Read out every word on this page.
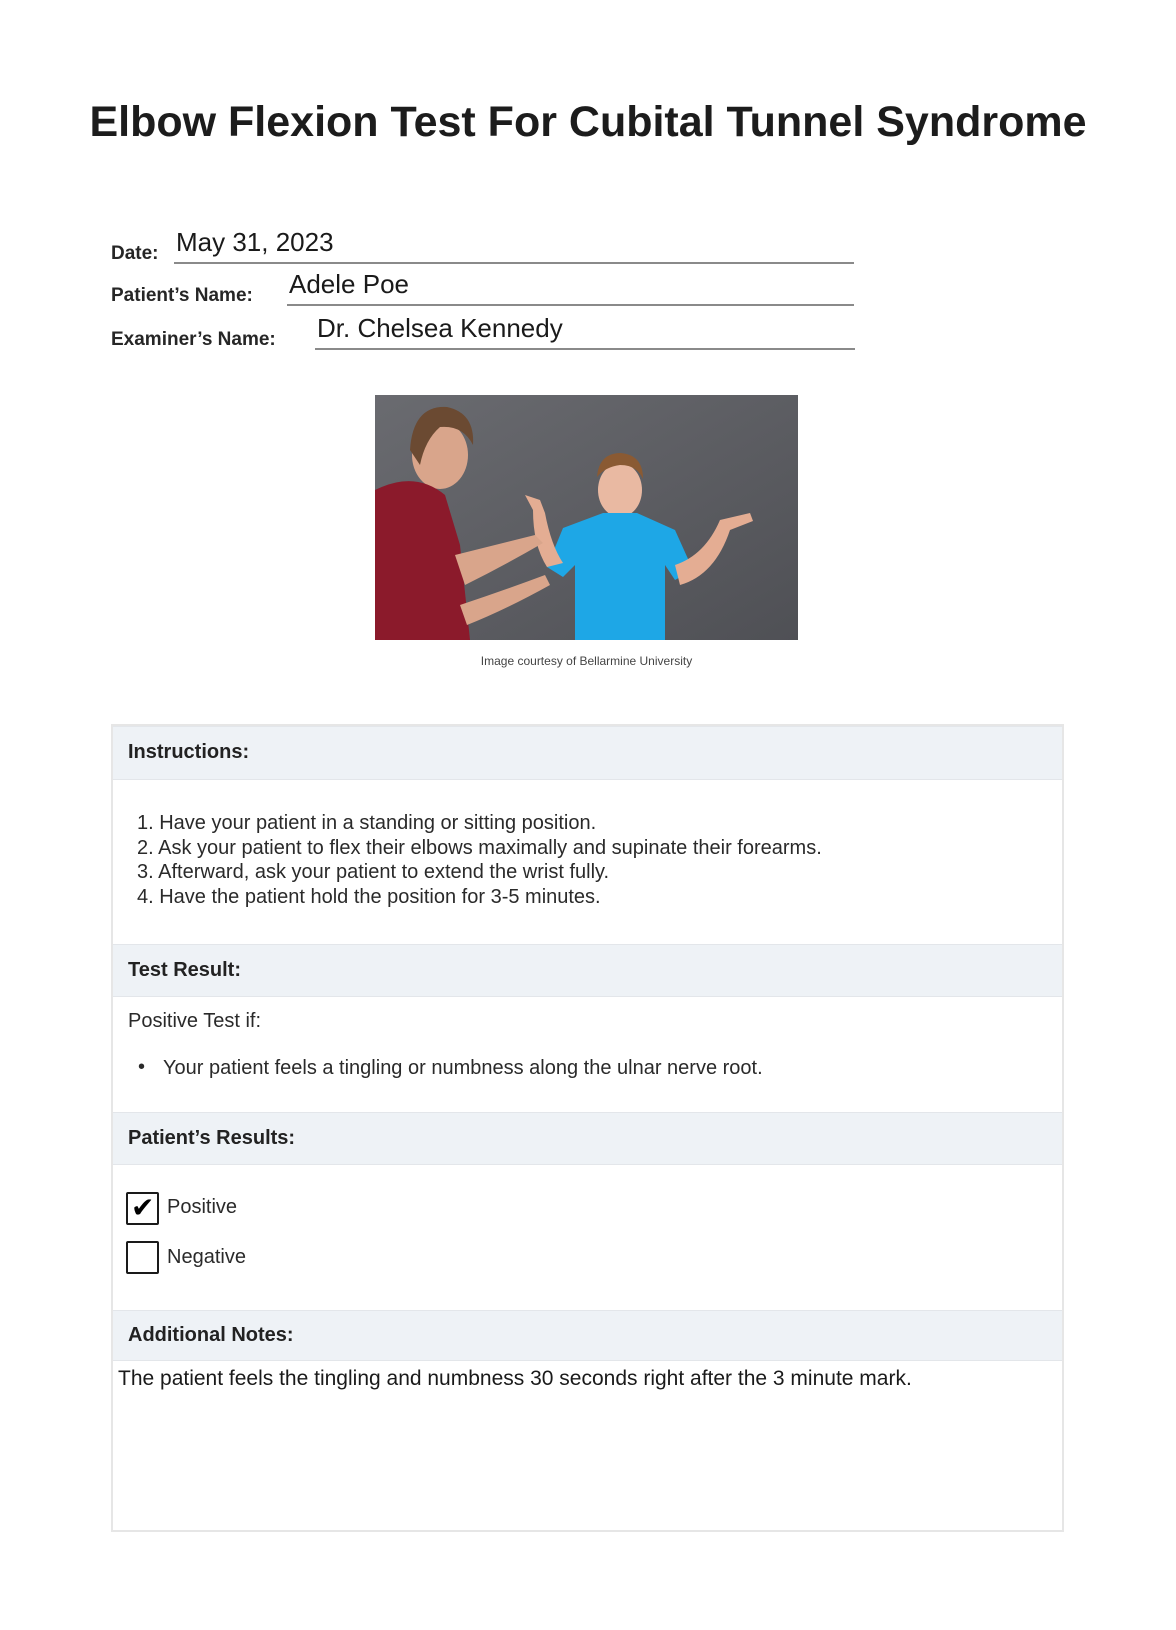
Elbow Flexion Test For Cubital Tunnel Syndrome
Date: May 31, 2023
Patient’s Name: Adele Poe
Examiner’s Name: Dr. Chelsea Kennedy
Image courtesy of Bellarmine University
Instructions:
1. Have your patient in a standing or sitting position.
2. Ask your patient to flex their elbows maximally and supinate their forearms.
3. Afterward, ask your patient to extend the wrist fully.
4. Have the patient hold the position for 3-5 minutes.
Test Result:
Positive Test if:
• Your patient feels a tingling or numbness along the ulnar nerve root.
Patient’s Results:
✔ Positive
Negative
Additional Notes:
The patient feels the tingling and numbness 30 seconds right after the 3 minute mark.
